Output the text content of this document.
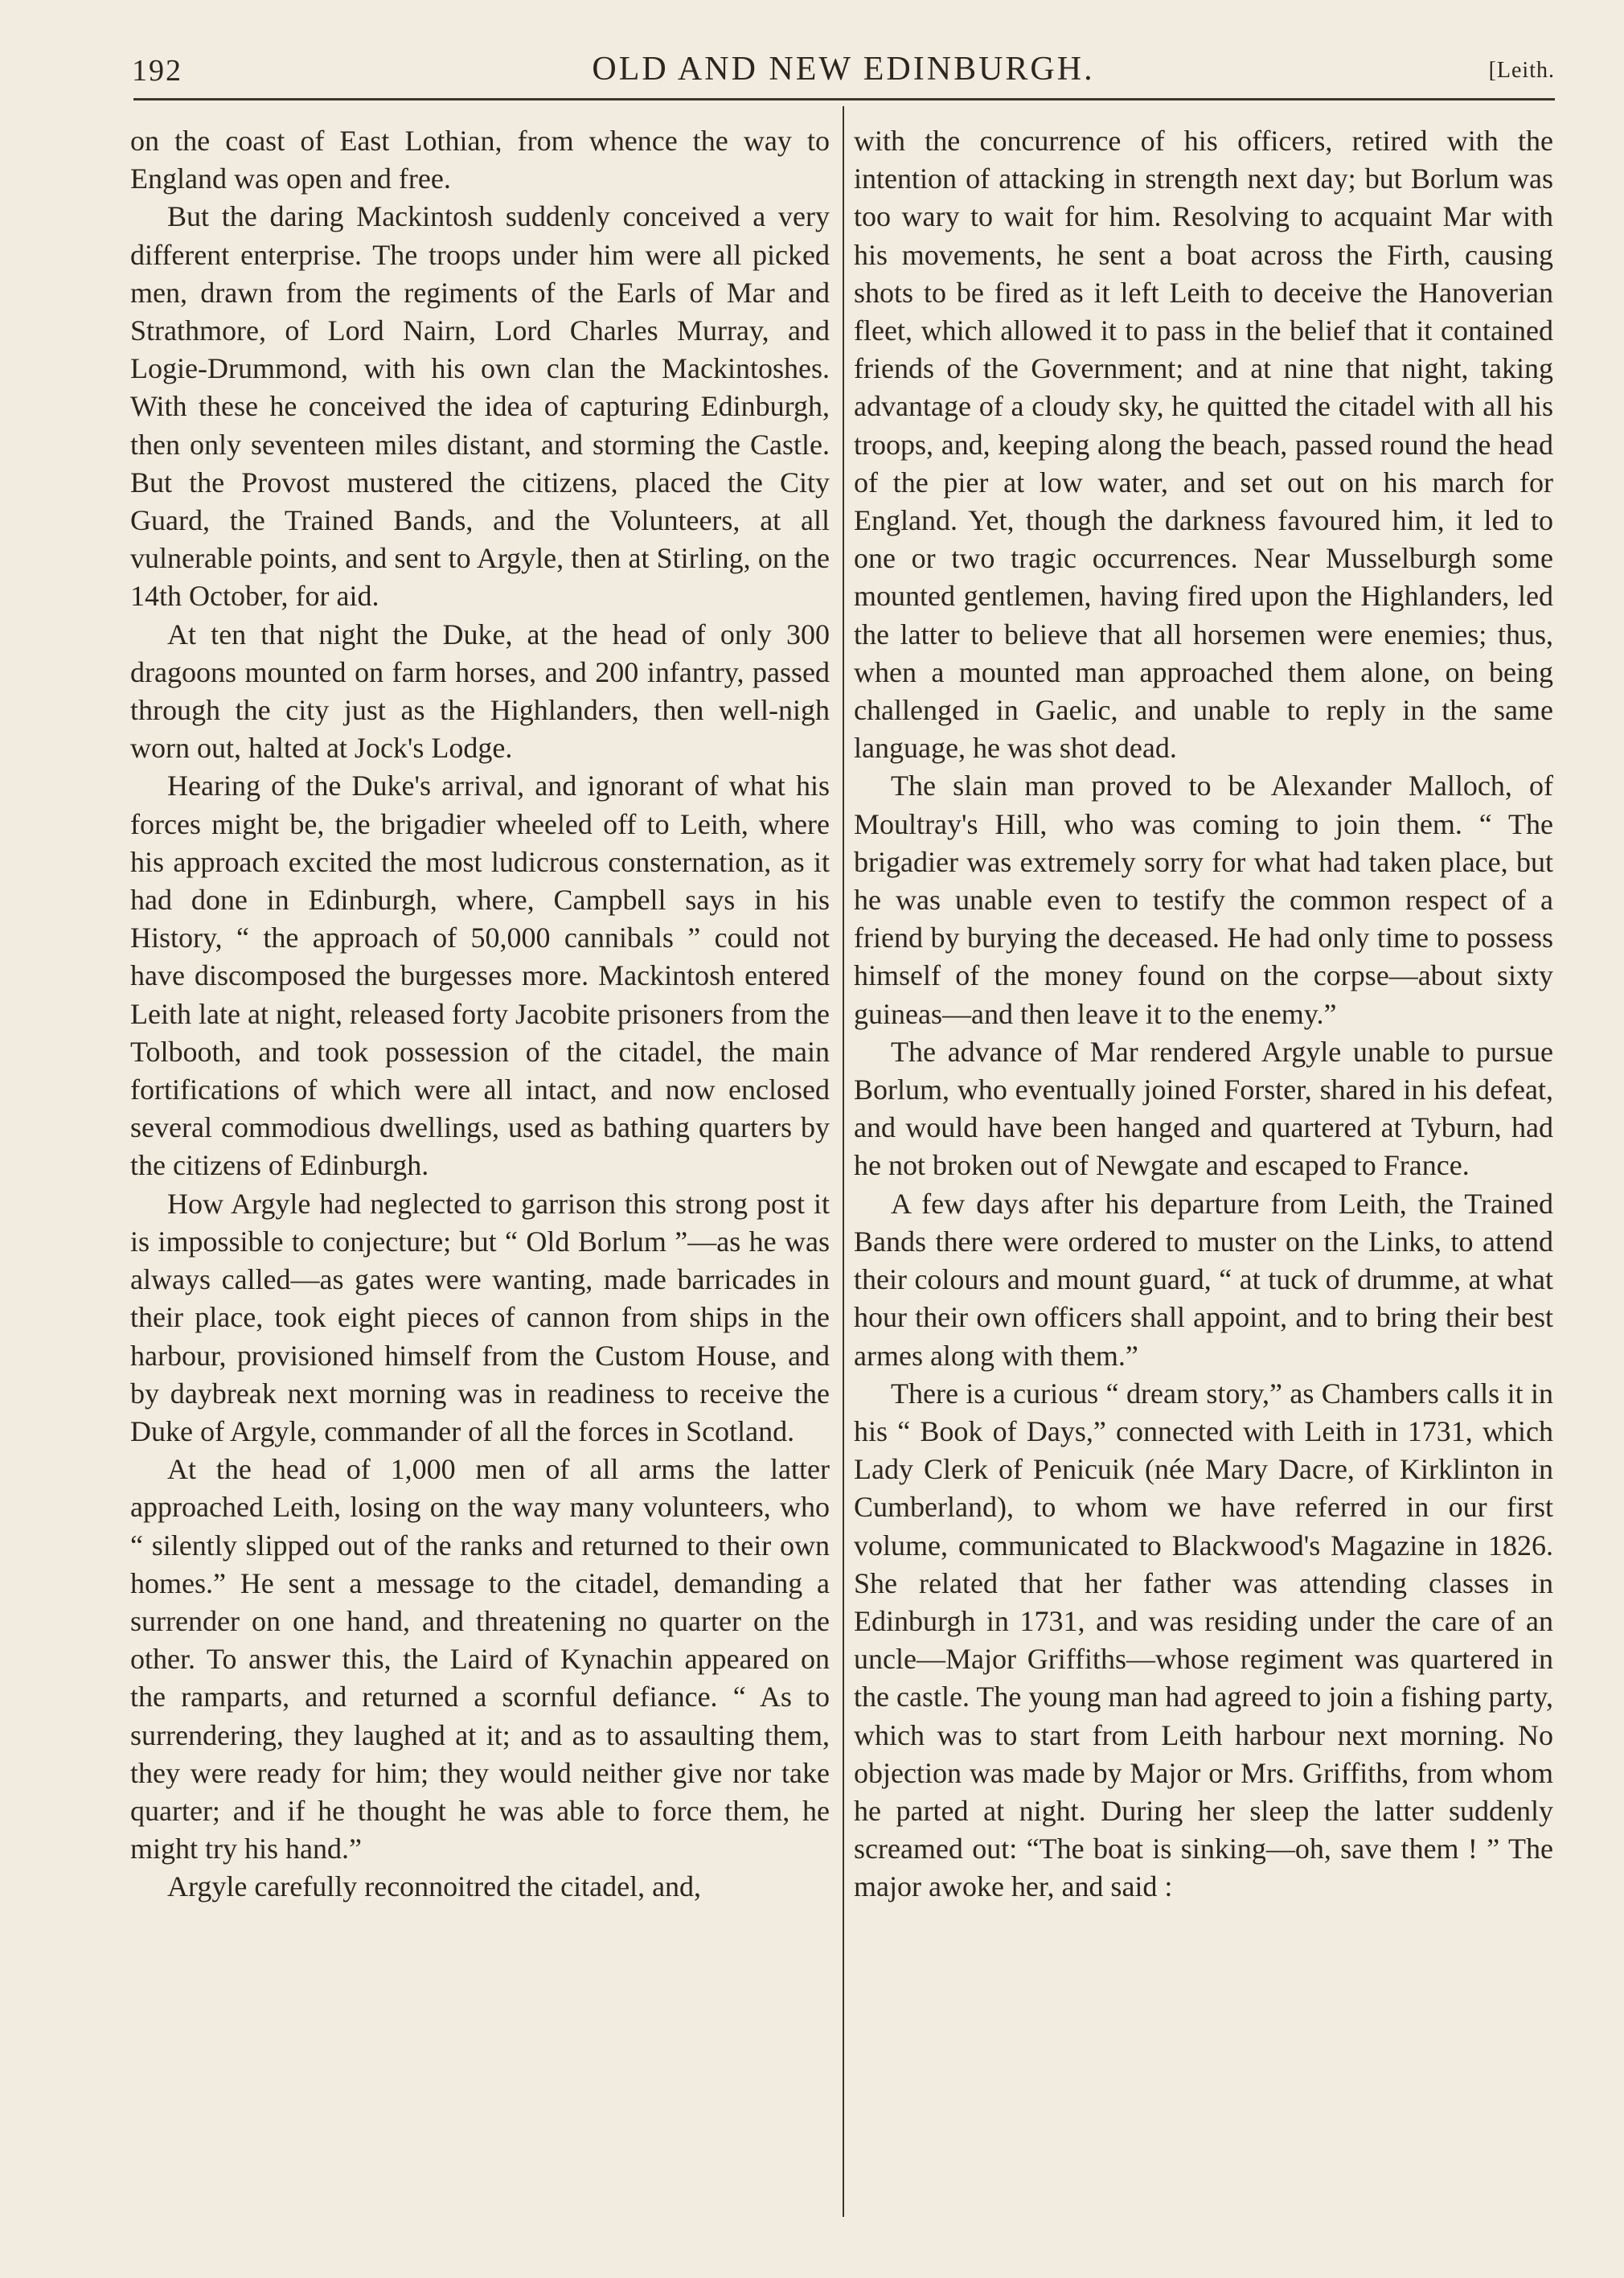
192	OLD AND NEW EDINBURGH.	[Leith.

on the coast of East Lothian, from whence the way to England was open and free.

But the daring Mackintosh suddenly conceived a very different enterprise. The troops under him were all picked men, drawn from the regiments of the Earls of Mar and Strathmore, of Lord Nairn, Lord Charles Murray, and Logie-Drummond, with his own clan the Mackintoshes. With these he conceived the idea of capturing Edinburgh, then only seventeen miles distant, and storming the Castle. But the Provost mustered the citizens, placed the City Guard, the Trained Bands, and the Volunteers, at all vulnerable points, and sent to Argyle, then at Stirling, on the 14th October, for aid.

At ten that night the Duke, at the head of only 300 dragoons mounted on farm horses, and 200 infantry, passed through the city just as the Highlanders, then well-nigh worn out, halted at Jock's Lodge.

Hearing of the Duke's arrival, and ignorant of what his forces might be, the brigadier wheeled off to Leith, where his approach excited the most ludicrous consternation, as it had done in Edinburgh, where, Campbell says in his History, “ the approach of 50,000 cannibals ” could not have discomposed the burgesses more. Mackintosh entered Leith late at night, released forty Jacobite prisoners from the Tolbooth, and took possession of the citadel, the main fortifications of which were all intact, and now enclosed several commodious dwellings, used as bathing quarters by the citizens of Edinburgh.

How Argyle had neglected to garrison this strong post it is impossible to conjecture; but “ Old Borlum ”—as he was always called—as gates were wanting, made barricades in their place, took eight pieces of cannon from ships in the harbour, provisioned himself from the Custom House, and by daybreak next morning was in readiness to receive the Duke of Argyle, commander of all the forces in Scotland.

At the head of 1,000 men of all arms the latter approached Leith, losing on the way many volunteers, who “ silently slipped out of the ranks and returned to their own homes.” He sent a message to the citadel, demanding a surrender on one hand, and threatening no quarter on the other. To answer this, the Laird of Kynachin appeared on the ramparts, and returned a scornful defiance. “ As to surrendering, they laughed at it; and as to assaulting them, they were ready for him; they would neither give nor take quarter; and if he thought he was able to force them, he might try his hand.”

Argyle carefully reconnoitred the citadel, and,

with the concurrence of his officers, retired with the intention of attacking in strength next day; but Borlum was too wary to wait for him. Resolving to acquaint Mar with his movements, he sent a boat across the Firth, causing shots to be fired as it left Leith to deceive the Hanoverian fleet, which allowed it to pass in the belief that it contained friends of the Government; and at nine that night, taking advantage of a cloudy sky, he quitted the citadel with all his troops, and, keeping along the beach, passed round the head of the pier at low water, and set out on his march for England. Yet, though the darkness favoured him, it led to one or two tragic occurrences. Near Musselburgh some mounted gentlemen, having fired upon the Highlanders, led the latter to believe that all horsemen were enemies; thus, when a mounted man approached them alone, on being challenged in Gaelic, and unable to reply in the same language, he was shot dead.

The slain man proved to be Alexander Malloch, of Moultray's Hill, who was coming to join them. “ The brigadier was extremely sorry for what had taken place, but he was unable even to testify the common respect of a friend by burying the deceased. He had only time to possess himself of the money found on the corpse—about sixty guineas—and then leave it to the enemy.”

The advance of Mar rendered Argyle unable to pursue Borlum, who eventually joined Forster, shared in his defeat, and would have been hanged and quartered at Tyburn, had he not broken out of Newgate and escaped to France.

A few days after his departure from Leith, the Trained Bands there were ordered to muster on the Links, to attend their colours and mount guard, “ at tuck of drumme, at what hour their own officers shall appoint, and to bring their best armes along with them.”

There is a curious “ dream story,” as Chambers calls it in his “ Book of Days,” connected with Leith in 1731, which Lady Clerk of Penicuik (née Mary Dacre, of Kirklinton in Cumberland), to whom we have referred in our first volume, communicated to Blackwood's Magazine in 1826. She related that her father was attending classes in Edinburgh in 1731, and was residing under the care of an uncle—Major Griffiths—whose regiment was quartered in the castle. The young man had agreed to join a fishing party, which was to start from Leith harbour next morning. No objection was made by Major or Mrs. Griffiths, from whom he parted at night. During her sleep the latter suddenly screamed out: “The boat is sinking—oh, save them ! ” The major awoke her, and said :
